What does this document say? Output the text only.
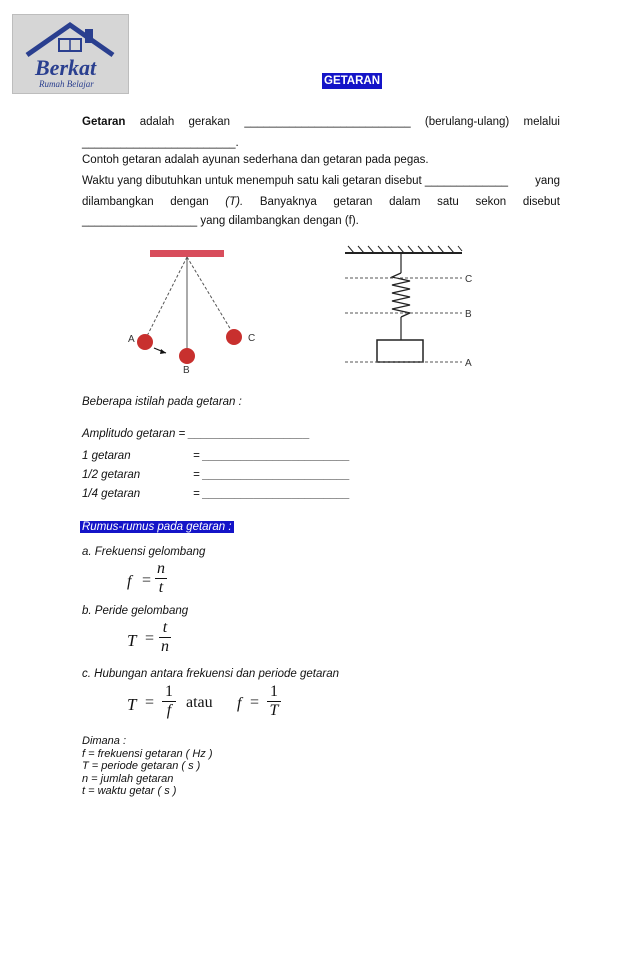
Berkat
Rumah Belajar	GETARAN
Getaran adalah gerakan __________________________ (berulang-ulang) melalui
________________________.
Contoh getaran adalah ayunan sederhana dan getaran pada pegas.
Waktu yang dibutuhkan untuk menempuh satu kali getaran disebut _____________ yang
dilambangkan dengan (T). Banyaknya getaran dalam satu sekon disebut
__________________ yang dilambangkan dengan (f).
A
B
C
C
B
A
Beberapa istilah pada getaran :
Amplitudo getaran = ___________________
1 getaran	= _______________________
1/2 getaran	= _______________________
1/4 getaran	= _______________________
Rumus-rumus pada getaran :
a. Frekuensi gelombang
f =
n
t
b. Peride gelombang
T =
t
n
c. Hubungan antara frekuensi dan periode getaran
T =
1
f atau f =
1
T
Dimana :
f = frekuensi getaran ( Hz )
T = periode getaran ( s )
n = jumlah getaran
t = waktu getar ( s )
